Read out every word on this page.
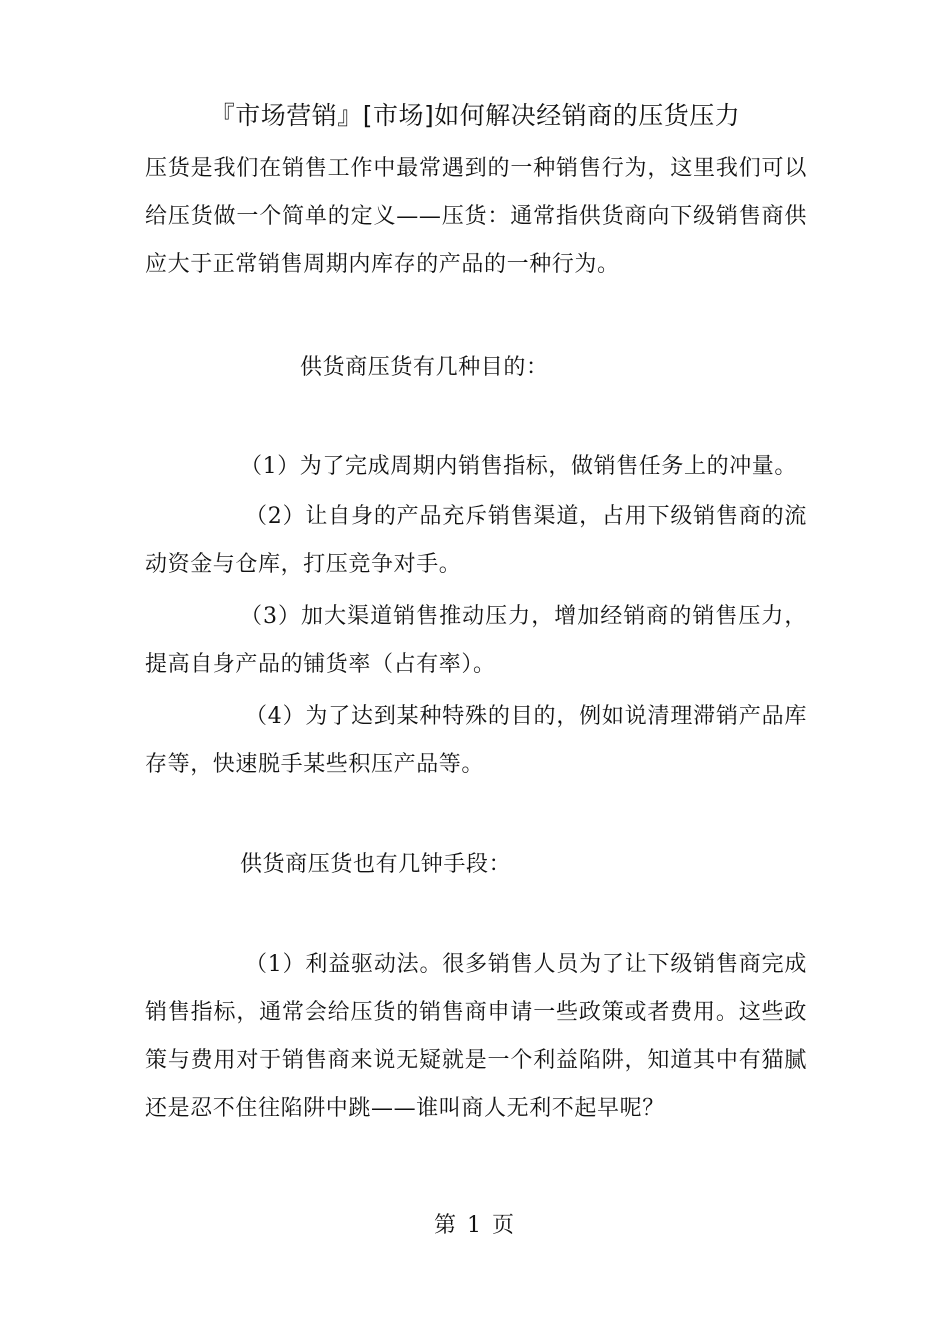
『市场营销』[市场]如何解决经销商的压货压力

压货是我们在销售工作中最常遇到的一种销售行为，这里我们可以给压货做一个简单的定义——压货：通常指供货商向下级销售商供应大于正常销售周期内库存的产品的一种行为。

供货商压货有几种目的：

（1）为了完成周期内销售指标，做销售任务上的冲量。

（2）让自身的产品充斥销售渠道，占用下级销售商的流动资金与仓库，打压竞争对手。

（3）加大渠道销售推动压力，增加经销商的销售压力，提高自身产品的铺货率（占有率）。

（4）为了达到某种特殊的目的，例如说清理滞销产品库存等，快速脱手某些积压产品等。

供货商压货也有几钟手段：

（1）利益驱动法。很多销售人员为了让下级销售商完成销售指标，通常会给压货的销售商申请一些政策或者费用。这些政策与费用对于销售商来说无疑就是一个利益陷阱，知道其中有猫腻还是忍不住往陷阱中跳——谁叫商人无利不起早呢？

第 1 页
